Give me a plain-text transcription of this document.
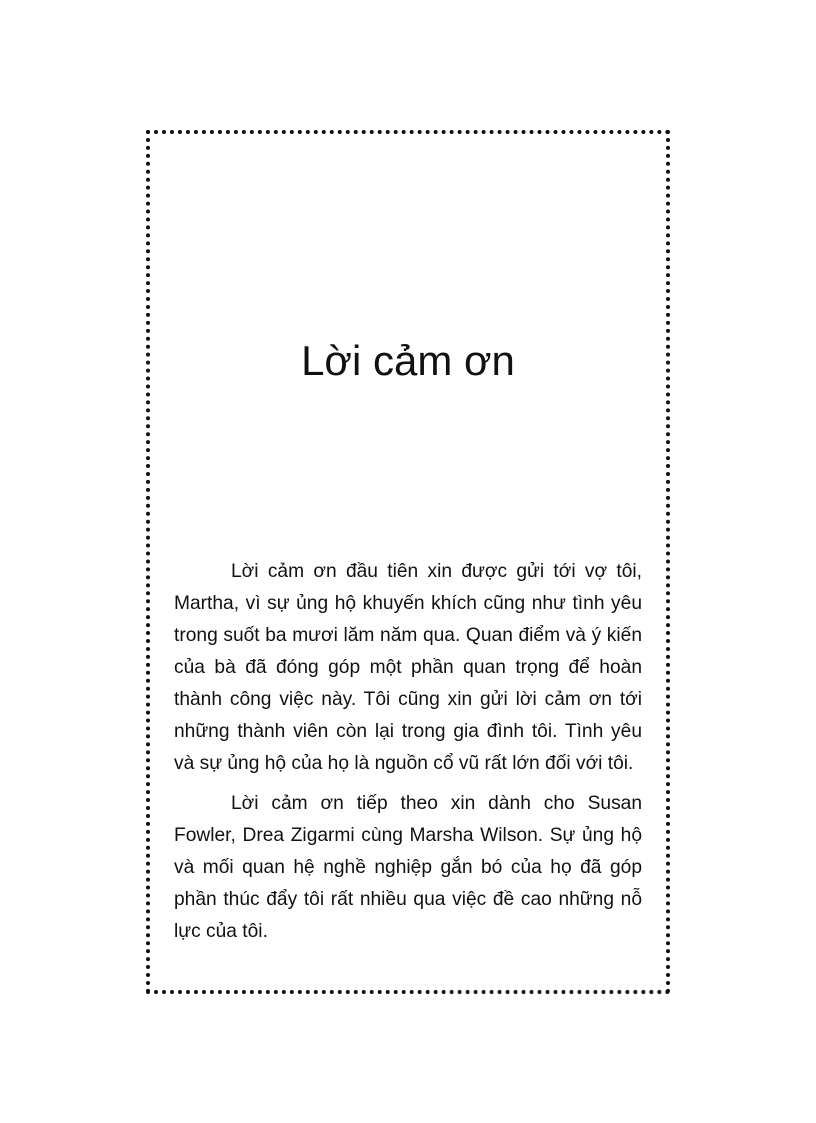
Lời cảm ơn

Lời cảm ơn đầu tiên xin được gửi tới vợ tôi, Martha, vì sự ủng hộ khuyến khích cũng như tình yêu trong suốt ba mươi lăm năm qua. Quan điểm và ý kiến của bà đã đóng góp một phần quan trọng để hoàn thành công việc này. Tôi cũng xin gửi lời cảm ơn tới những thành viên còn lại trong gia đình tôi. Tình yêu và sự ủng hộ của họ là nguồn cổ vũ rất lớn đối với tôi.

Lời cảm ơn tiếp theo xin dành cho Susan Fowler, Drea Zigarmi cùng Marsha Wilson. Sự ủng hộ và mối quan hệ nghề nghiệp gắn bó của họ đã góp phần thúc đẩy tôi rất nhiều qua việc đề cao những nỗ lực của tôi.
